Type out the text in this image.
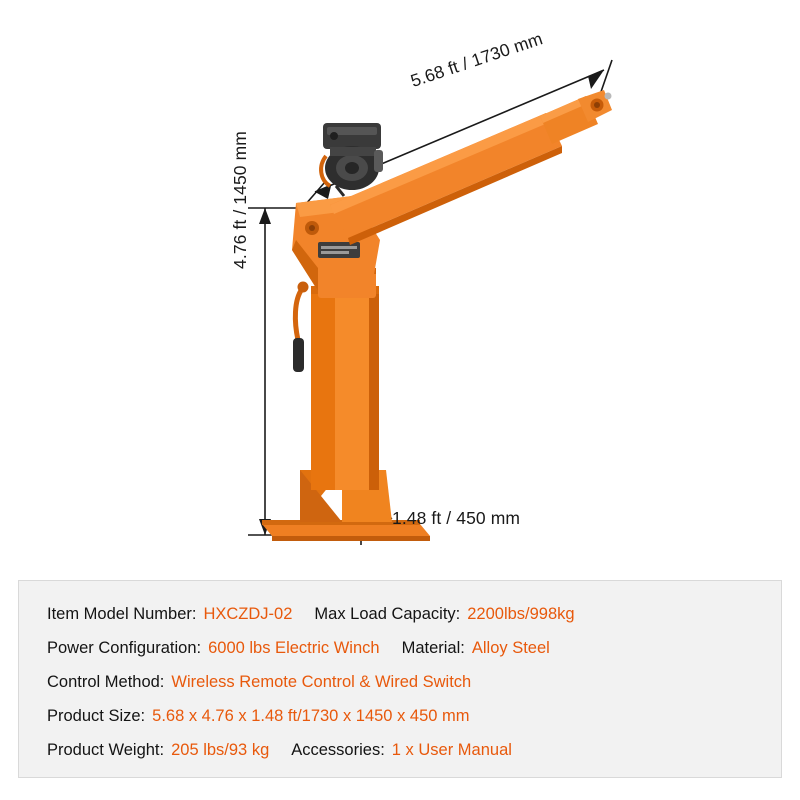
5.68 ft / 1730 mm
4.76 ft / 1450 mm
1.48 ft / 450 mm
Item Model Number: HXCZDJ-02 Max Load Capacity: 2200lbs/998kg
Power Configuration: 6000 lbs Electric Winch Material: Alloy Steel
Control Method: Wireless Remote Control & Wired Switch
Product Size: 5.68 x 4.76 x 1.48 ft/1730 x 1450 x 450 mm
Product Weight: 205 lbs/93 kg Accessories: 1 x User Manual
